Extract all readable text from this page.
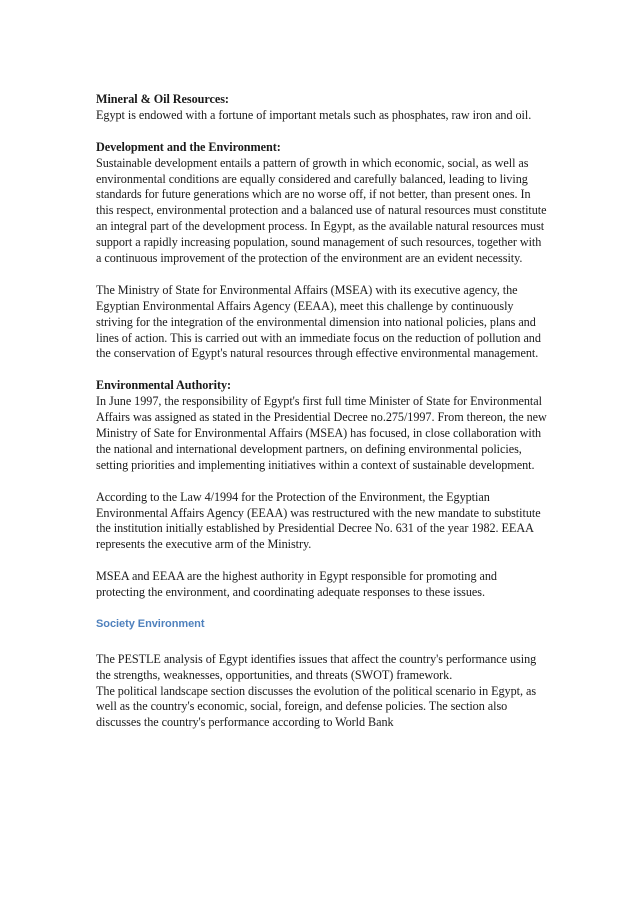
Mineral & Oil Resources:

Egypt is endowed with a fortune of important metals such as phosphates, raw iron and oil.

Development and the Environment:

Sustainable development entails a pattern of growth in which economic, social, as well as environmental conditions are equally considered and carefully balanced, leading to living standards for future generations which are no worse off, if not better, than present ones. In this respect, environmental protection and a balanced use of natural resources must constitute an integral part of the development process. In Egypt, as the available natural resources must support a rapidly increasing population, sound management of such resources, together with a continuous improvement of the protection of the environment are an evident necessity.

The Ministry of State for Environmental Affairs (MSEA) with its executive agency, the Egyptian Environmental Affairs Agency (EEAA), meet this challenge by continuously striving for the integration of the environmental dimension into national policies, plans and lines of action. This is carried out with an immediate focus on the reduction of pollution and the conservation of Egypt's natural resources through effective environmental management.

Environmental Authority:

In June 1997, the responsibility of Egypt's first full time Minister of State for Environmental Affairs was assigned as stated in the Presidential Decree no.275/1997. From thereon, the new Ministry of Sate for Environmental Affairs (MSEA) has focused, in close collaboration with the national and international development partners, on defining environmental policies, setting priorities and implementing initiatives within a context of sustainable development.

According to the Law 4/1994 for the Protection of the Environment, the Egyptian Environmental Affairs Agency (EEAA) was restructured with the new mandate to substitute the institution initially established by Presidential Decree No. 631 of the year 1982. EEAA represents the executive arm of the Ministry.

MSEA and EEAA are the highest authority in Egypt responsible for promoting and protecting the environment, and coordinating adequate responses to these issues.

Society Environment

The PESTLE analysis of Egypt identifies issues that affect the country's performance using the strengths, weaknesses, opportunities, and threats (SWOT) framework.

The political landscape section discusses the evolution of the political scenario in Egypt, as well as the country's economic, social, foreign, and defense policies. The section also discusses the country's performance according to World Bank
